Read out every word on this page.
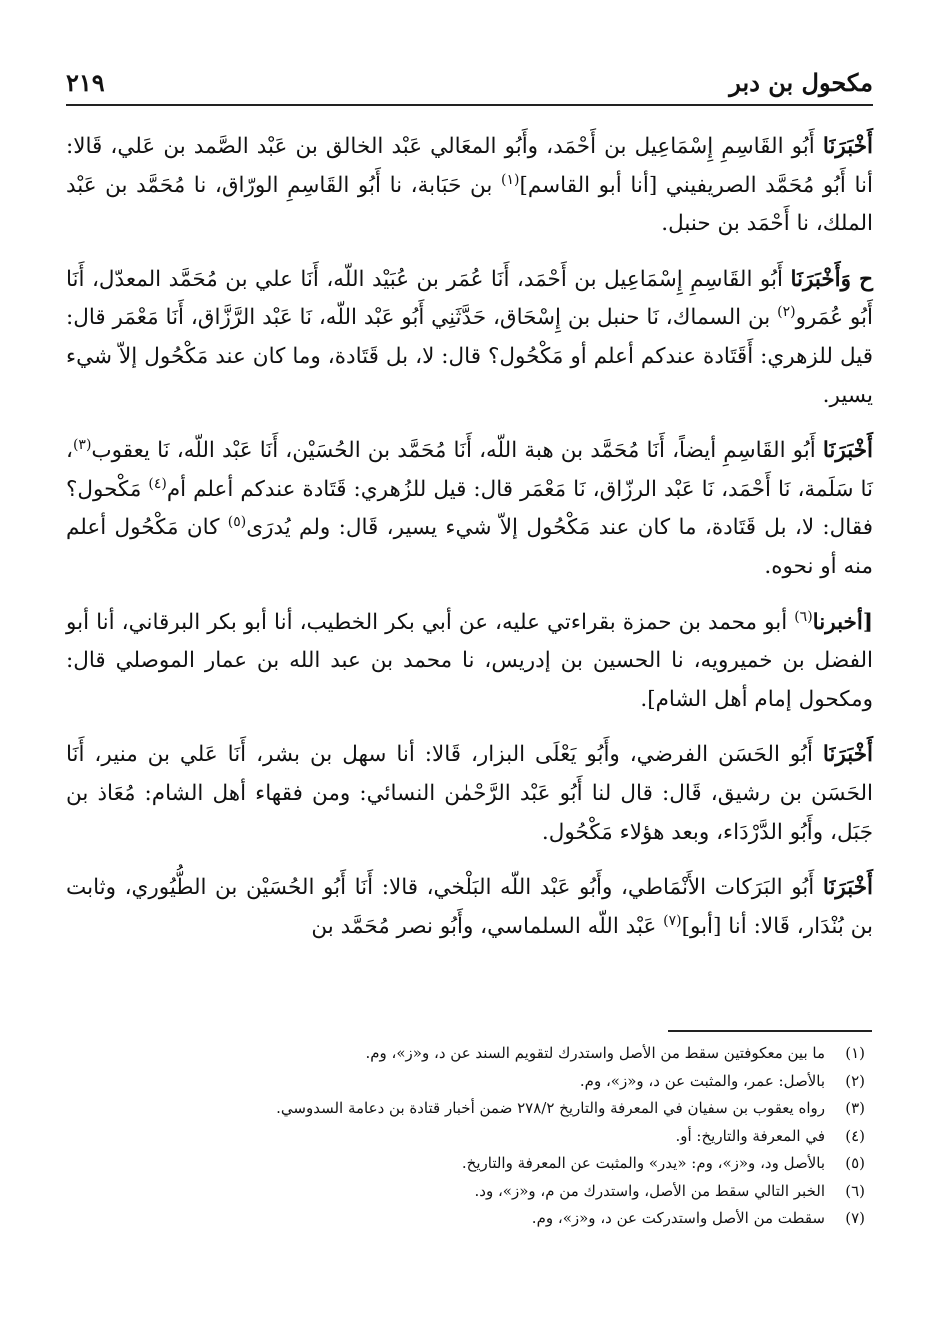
مكحول بن دبر
٢١٩

أَخْبَرَنَا أَبُو القَاسِمِ إِسْمَاعِيل بن أَحْمَد، وأَبُو المعَالي عَبْد الخالق بن عَبْد الصَّمد بن عَلي، قَالا: أنا أَبُو مُحَمَّد الصريفيني [أنا أبو القاسم]$^{(١)}$ بن حَبَابة، نا أَبُو القَاسِمِ الورّاق، نا مُحَمَّد بن عَبْد الملك، نا أَحْمَد بن حنبل.

ح وَأَخْبَرَنَا أَبُو القَاسِمِ إِسْمَاعِيل بن أَحْمَد، أَنَا عُمَر بن عُبَيْد اللّه، أَنَا علي بن مُحَمَّد المعدّل، أَنَا أَبُو عُمَرو$^{(٢)}$ بن السماك، نَا حنبل بن إِسْحَاق، حَدَّثَنِي أَبُو عَبْد اللّه، نَا عَبْد الرَّزَّاق، أَنَا مَعْمَر قال: قيل للزهري: أَقَتَادة عندكم أعلم أو مَكْحُول؟ قال: لا، بل قَتَادة، وما كان عند مَكْحُول إلاّ شيء يسير.

أَخْبَرَنَا أَبُو القَاسِمِ أيضاً، أَنَا مُحَمَّد بن هبة اللّه، أَنَا مُحَمَّد بن الحُسَيْن، أَنَا عَبْد اللّه، نَا يعقوب$^{(٣)}$، نَا سَلَمة، نَا أَحْمَد، نَا عَبْد الرزّاق، نَا مَعْمَر قال: قيل للزُهري: قَتَادة عندكم أعلم أم$^{(٤)}$ مَكْحول؟ فقال: لا، بل قَتَادة، ما كان عند مَكْحُول إلاّ شيء يسير، قَال: ولم يُدرَى$^{(٥)}$ كان مَكْحُول أعلم منه أو نحوه.

[أخبرنا$^{(٦)}$ أبو محمد بن حمزة بقراءتي عليه، عن أبي بكر الخطيب، أنا أبو بكر البرقاني، أنا أبو الفضل بن خميرويه، نا الحسين بن إدريس، نا محمد بن عبد الله بن عمار الموصلي قال: ومكحول إمام أهل الشام].

أَخْبَرَنَا أَبُو الحَسَن الفرضي، وأَبُو يَعْلَى البزار، قَالا: أنا سهل بن بشر، أَنَا عَلي بن منير، أَنَا الحَسَن بن رشيق، قَال: قال لنا أَبُو عَبْد الرَّحْمٰن النسائي: ومن فقهاء أهل الشام: مُعَاذ بن جَبَل، وأَبُو الدَّرْدَاء، وبعد هؤلاء مَكْحُول.

أَخْبَرَنَا أَبُو البَرَكات الأَنْمَاطي، وأَبُو عَبْد اللّه البَلْخي، قالا: أَنَا أَبُو الحُسَيْن بن الطُّيُوري، وثابت بن بُنْدَار، قَالا: أنا [أبو]$^{(٧)}$ عَبْد اللّه السلماسي، وأَبُو نصر مُحَمَّد بن

(١)
ما بين معكوفتين سقط من الأصل واستدرك لتقويم السند عن د، و«ز»، وم.
(٢)
بالأصل: عمر، والمثبت عن د، و«ز»، وم.
(٣)
رواه يعقوب بن سفيان في المعرفة والتاريخ ٢٧٨/٢ ضمن أخبار قتادة بن دعامة السدوسي.
(٤)
في المعرفة والتاريخ: أو.
(٥)
بالأصل ود، و«ز»، وم: «يدر» والمثبت عن المعرفة والتاريخ.
(٦)
الخبر التالي سقط من الأصل، واستدرك من م، و«ز»، ود.
(٧)
سقطت من الأصل واستدركت عن د، و«ز»، وم.
